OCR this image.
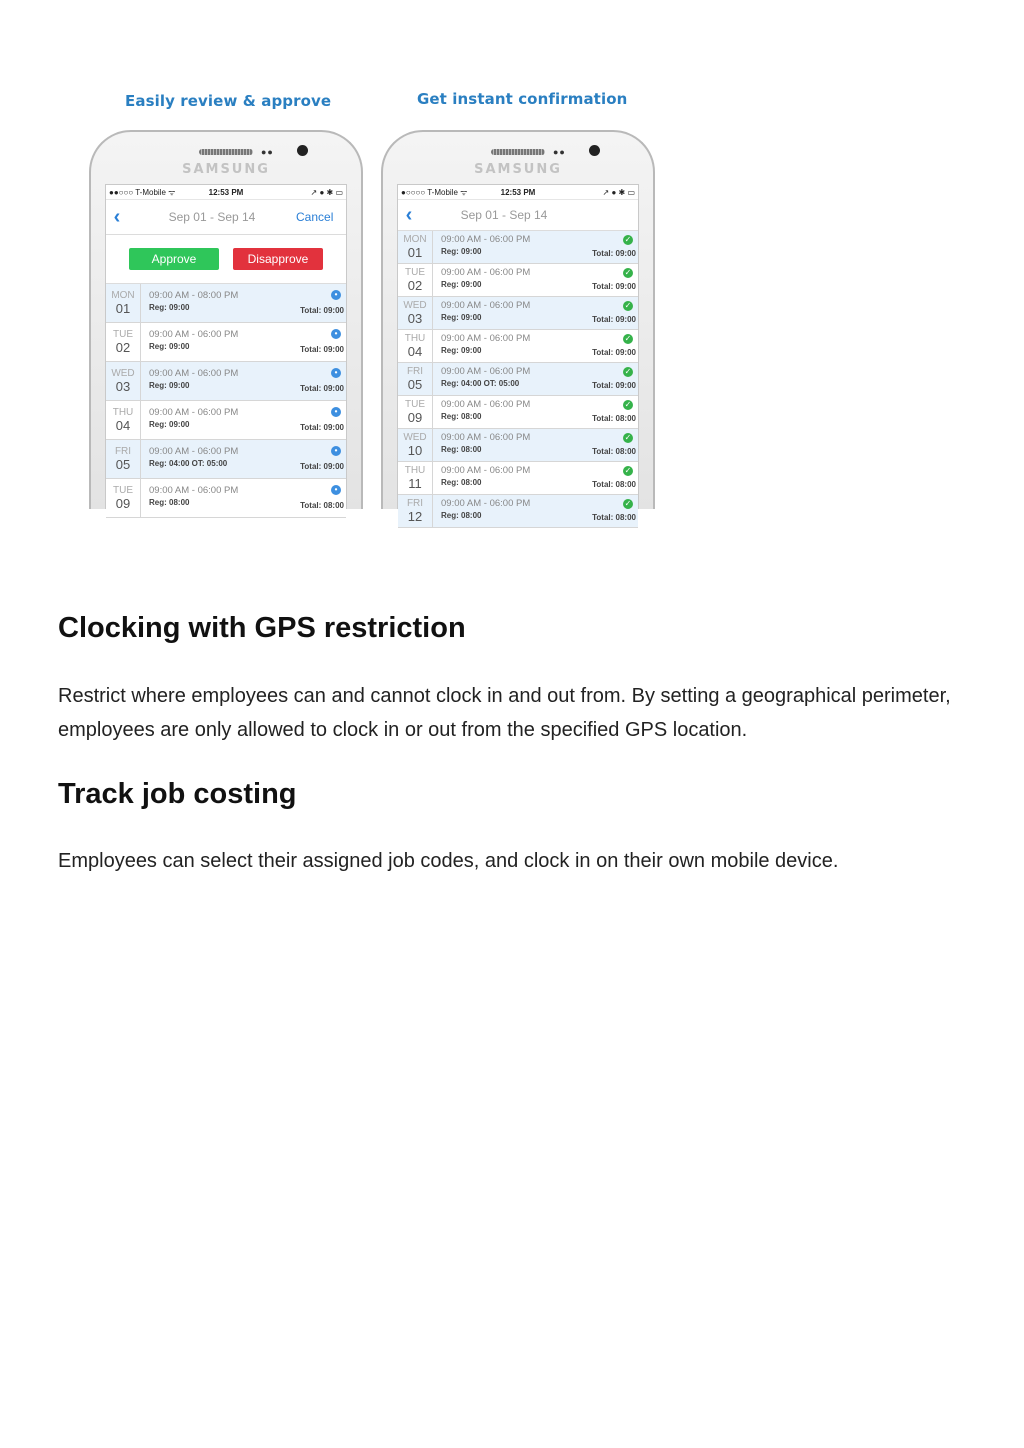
Easily review & approve	Get instant confirmation
●●
SAMSUNG
●●○○○ T-Mobile ᯤ	12:53 PM	↗ ● ✱ ▭
‹	Sep 01 - Sep 14	Cancel
Approve	Disapprove
MON
01
09:00 AM - 08:00 PM
Reg: 09:00	Total: 09:00
•
TUE
02
09:00 AM - 06:00 PM
Reg: 09:00	Total: 09:00
•
WED
03
09:00 AM - 06:00 PM
Reg: 09:00	Total: 09:00
•
THU
04
09:00 AM - 06:00 PM
Reg: 09:00	Total: 09:00
•
FRI
05
09:00 AM - 06:00 PM
Reg: 04:00 OT: 05:00	Total: 09:00
•
TUE
09
09:00 AM - 06:00 PM
Reg: 08:00	Total: 08:00
•
●●
SAMSUNG
●○○○○ T-Mobile ᯤ	12:53 PM	↗ ● ✱ ▭
‹	Sep 01 - Sep 14
MON
01
09:00 AM - 06:00 PM
Reg: 09:00	Total: 09:00
✓
TUE
02
09:00 AM - 06:00 PM
Reg: 09:00	Total: 09:00
✓
WED
03
09:00 AM - 06:00 PM
Reg: 09:00	Total: 09:00
✓
THU
04
09:00 AM - 06:00 PM
Reg: 09:00	Total: 09:00
✓
FRI
05
09:00 AM - 06:00 PM
Reg: 04:00 OT: 05:00	Total: 09:00
✓
TUE
09
09:00 AM - 06:00 PM
Reg: 08:00	Total: 08:00
✓
WED
10
09:00 AM - 06:00 PM
Reg: 08:00	Total: 08:00
✓
THU
11
09:00 AM - 06:00 PM
Reg: 08:00	Total: 08:00
✓
FRI
12
09:00 AM - 06:00 PM
Reg: 08:00	Total: 08:00
✓
Clocking with GPS restriction

Restrict where employees can and cannot clock in and out from. By setting a geographical perimeter, employees are only allowed to clock in or out from the specified GPS location.

Track job costing

Employees can select their assigned job codes, and clock in on their own mobile device.
